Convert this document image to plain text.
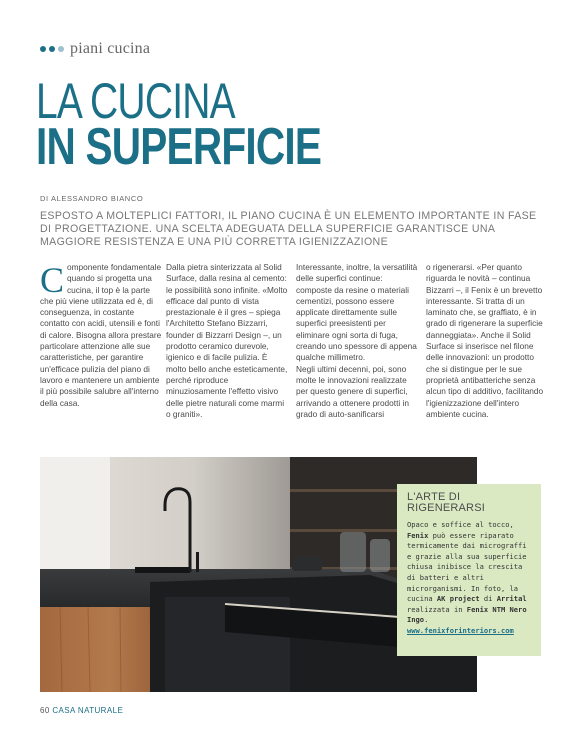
piani cucina
LA CUCINA
IN SUPERFICIE
DI ALESSANDRO BIANCO
ESPOSTO A MOLTEPLICI FATTORI, IL PIANO CUCINA È UN ELEMENTO IMPORTANTE IN FASE DI PROGETTAZIONE. UNA SCELTA ADEGUATA DELLA SUPERFICIE GARANTISCE UNA MAGGIORE RESISTENZA E UNA PIÙ CORRETTA IGIENIZZAZIONE
Componente fondamentale quando si progetta una cucina, il top è la parte che più viene utilizzata ed è, di conseguenza, in costante contatto con acidi, utensili e fonti di calore. Bisogna allora prestare particolare attenzione alle sue caratteristiche, per garantire un'efficace pulizia del piano di lavoro e mantenere un ambiente il più possibile salubre all'interno della casa.
Dalla pietra sinterizzata al Solid Surface, dalla resina al cemento: le possibilità sono infinite. «Molto efficace dal punto di vista prestazionale è il gres – spiega l'Architetto Stefano Bizzarri, founder di Bizzarri Design –, un prodotto ceramico durevole, igienico e di facile pulizia. È molto bello anche esteticamente, perché riproduce minuziosamente l'effetto visivo delle pietre naturali come marmi o graniti».
Interessante, inoltre, la versatilità delle superfici continue: composte da resine o materiali cementizi, possono essere applicate direttamente sulle superfici preesistenti per eliminare ogni sorta di fuga, creando uno spessore di appena qualche millimetro.
Negli ultimi decenni, poi, sono molte le innovazioni realizzate per questo genere di superfici, arrivando a ottenere prodotti in grado di auto-sanificarsi
o rigenerarsi. «Per quanto riguarda le novità – continua Bizzarri –, il Fenix è un brevetto interessante. Si tratta di un laminato che, se graffiato, è in grado di rigenerare la superficie danneggiata». Anche il Solid Surface si inserisce nel filone delle innovazioni: un prodotto che si distingue per le sue proprietà antibatteriche senza alcun tipo di additivo, facilitando l'igienizzazione dell'intero ambiente cucina.
L'ARTE DI RIGENERARSI
Opaco e soffice al tocco, Fenix può essere riparato termicamente dai micrograffi e grazie alla sua superficie chiusa inibisce la crescita di batteri e altri microrganismi. In foto, la cucina AK project di Arrital realizzata in Fenix NTM Nero Ingo.
www.fenixforinteriors.com
60 CASA NATURALE
